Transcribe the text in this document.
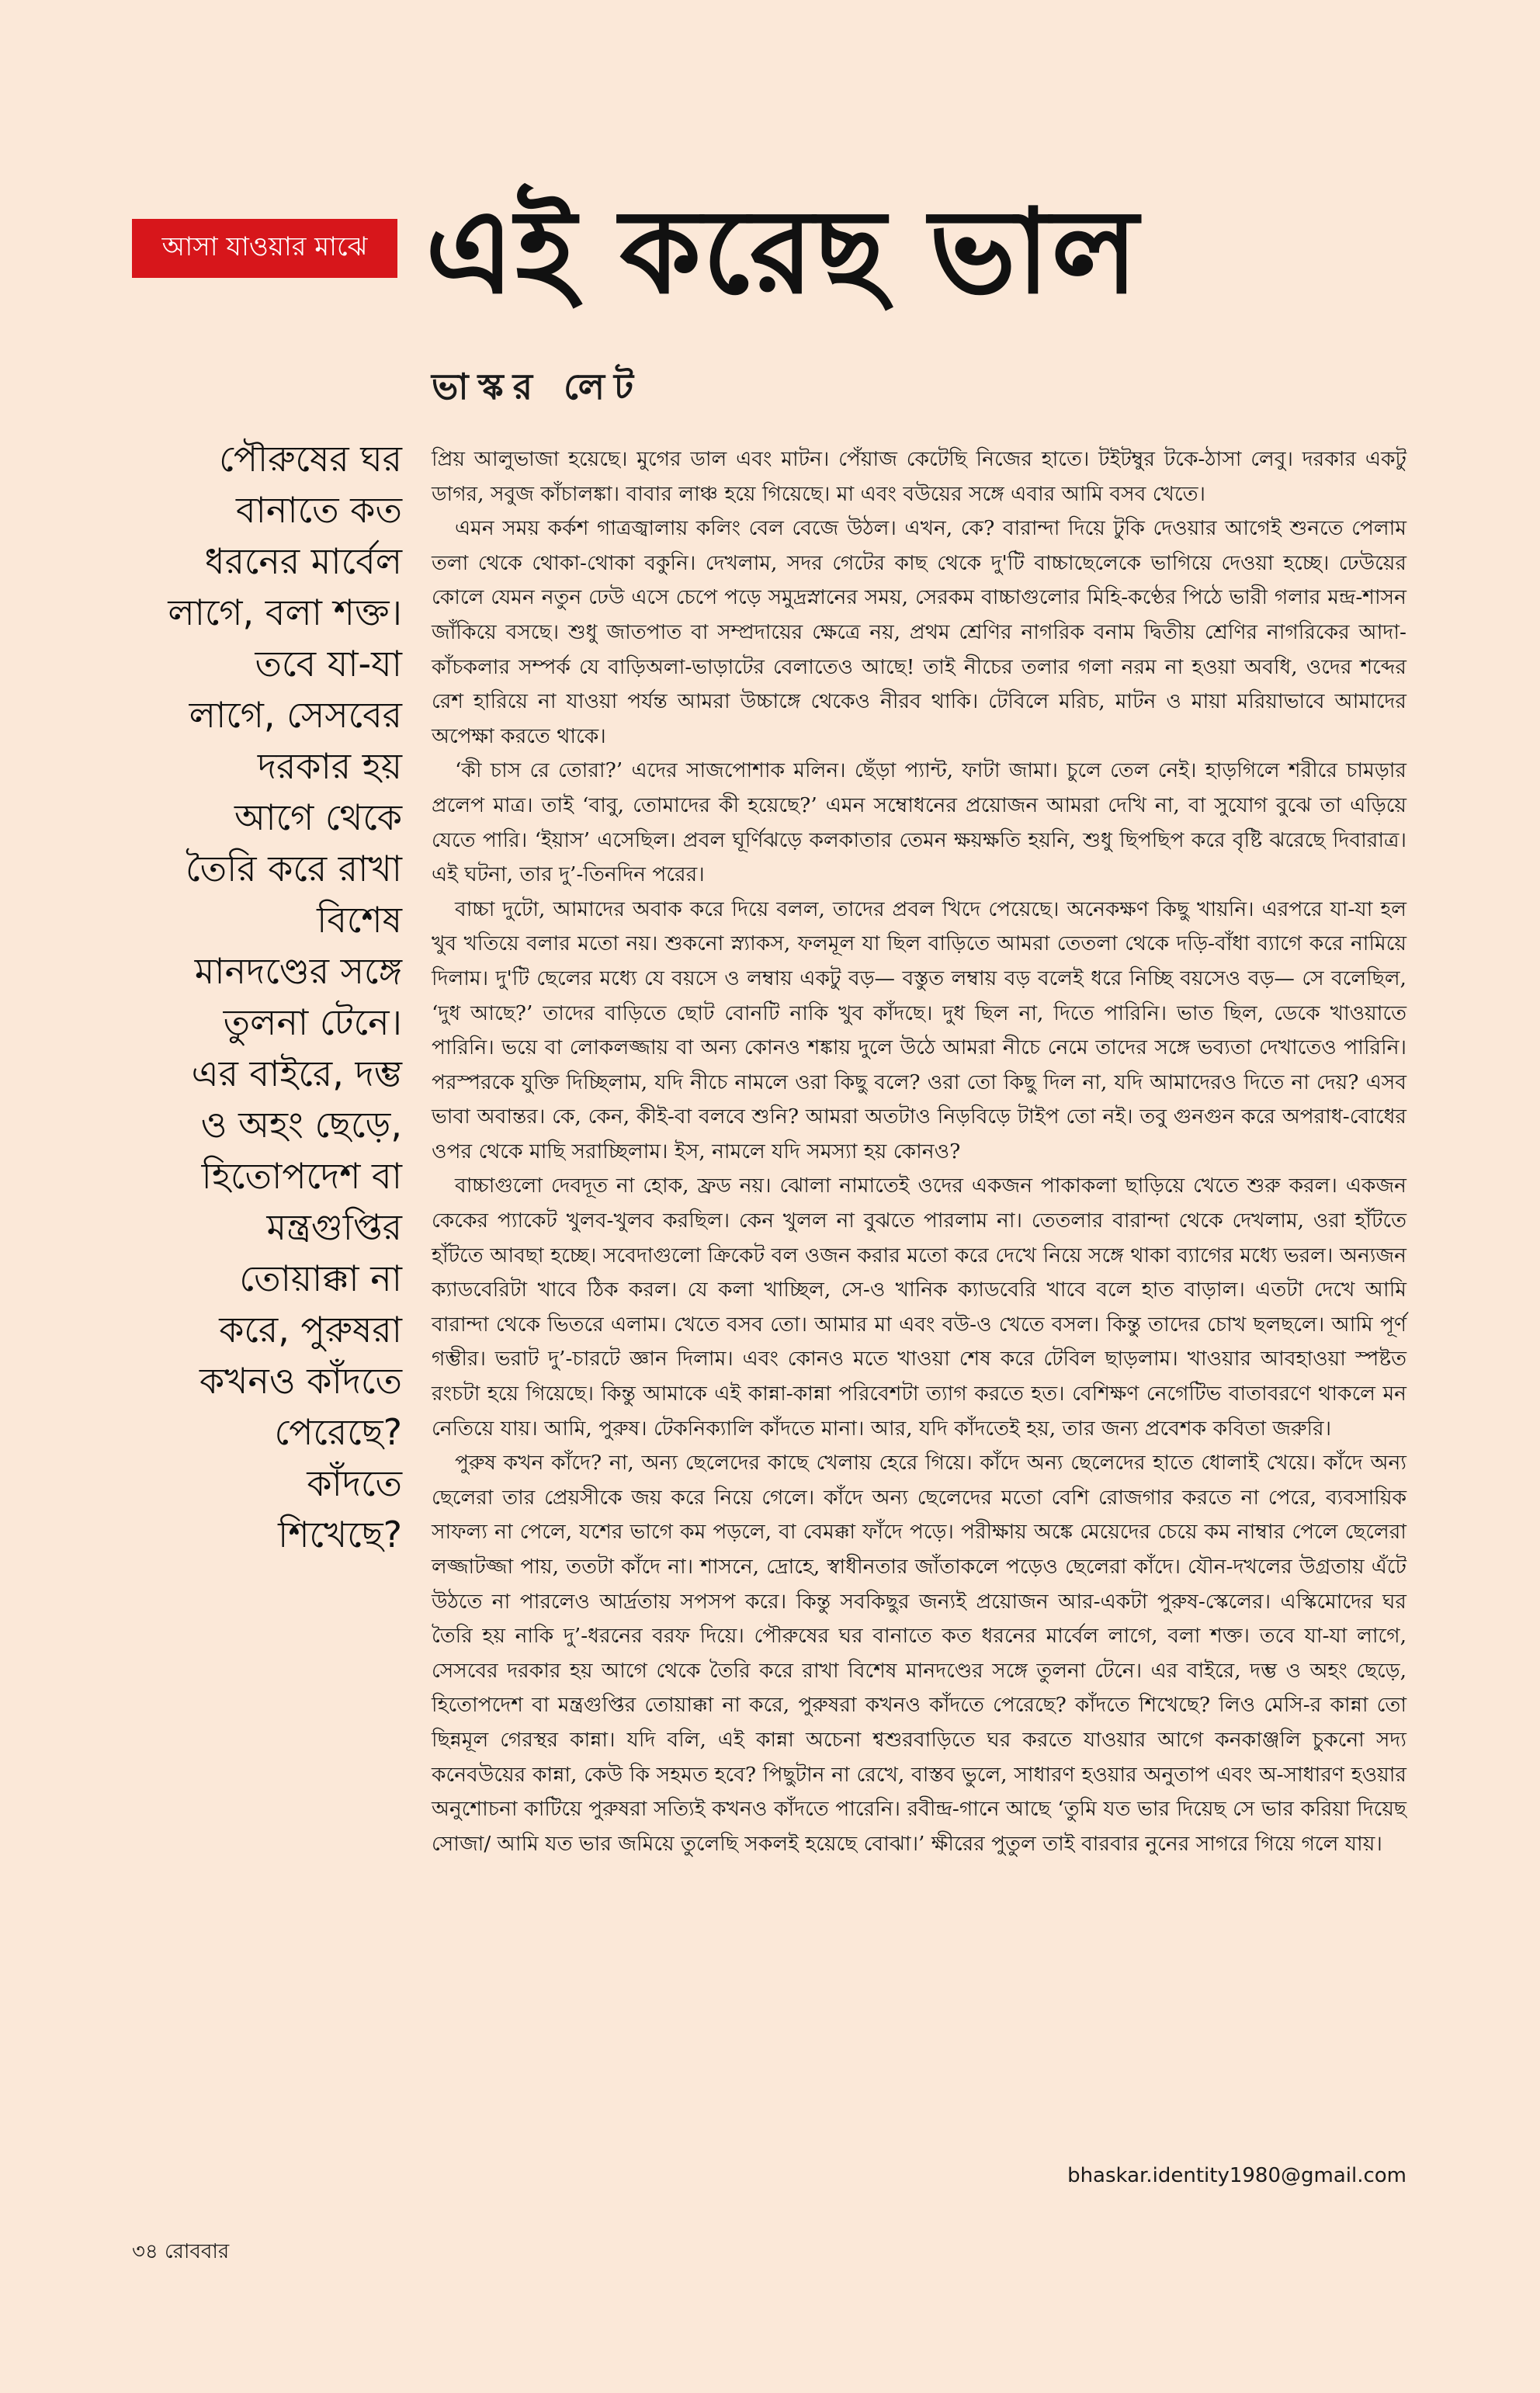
আসা যাওয়ার মাঝে এই করেছ ভাল
ভাস্কর লেট
পৌরুষের ঘর
বানাতে কত
ধরনের মার্বেল
লাগে, বলা শক্ত।
তবে যা-যা
লাগে, সেসবের
দরকার হয়
আগে থেকে
তৈরি করে রাখা
বিশেষ
মানদণ্ডের সঙ্গে
তুলনা টেনে।
এর বাইরে, দম্ভ
ও অহং ছেড়ে,
হিতোপদেশ বা
মন্ত্রগুপ্তির
তোয়াক্কা না
করে, পুরুষরা
কখনও কাঁদতে
পেরেছে?
কাঁদতে
শিখেছে?

প্রিয় আলুভাজা হয়েছে। মুগের ডাল এবং মাটন। পেঁয়াজ কেটেছি নিজের হাতে। টইটম্বুর টকে-ঠাসা লেবু। দরকার একটু ডাগর, সবুজ কাঁচালঙ্কা। বাবার লাঞ্চ হয়ে গিয়েছে। মা এবং বউয়ের সঙ্গে এবার আমি বসব খেতে।

এমন সময় কর্কশ গাত্রজ্বালায় কলিং বেল বেজে উঠল। এখন, কে? বারান্দা দিয়ে টুকি দেওয়ার আগেই শুনতে পেলাম তলা থেকে থোকা-থোকা বকুনি। দেখলাম, সদর গেটের কাছ থেকে দু'টি বাচ্চাছেলেকে ভাগিয়ে দেওয়া হচ্ছে। ঢেউয়ের কোলে যেমন নতুন ঢেউ এসে চেপে পড়ে সমুদ্রস্নানের সময়, সেরকম বাচ্চাগুলোর মিহি-কণ্ঠের পিঠে ভারী গলার মন্দ্র-শাসন জাঁকিয়ে বসছে। শুধু জাতপাত বা সম্প্রদায়ের ক্ষেত্রে নয়, প্রথম শ্রেণির নাগরিক বনাম দ্বিতীয় শ্রেণির নাগরিকের আদা-কাঁচকলার সম্পর্ক যে বাড়িঅলা-ভাড়াটের বেলাতেও আছে! তাই নীচের তলার গলা নরম না হওয়া অবধি, ওদের শব্দের রেশ হারিয়ে না যাওয়া পর্যন্ত আমরা উচ্চাঙ্গে থেকেও নীরব থাকি। টেবিলে মরিচ, মাটন ও মায়া মরিয়াভাবে আমাদের অপেক্ষা করতে থাকে।

‘কী চাস রে তোরা?’ এদের সাজপোশাক মলিন। ছেঁড়া প্যান্ট, ফাটা জামা। চুলে তেল নেই। হাড়গিলে শরীরে চামড়ার প্রলেপ মাত্র। তাই ‘বাবু, তোমাদের কী হয়েছে?’ এমন সম্বোধনের প্রয়োজন আমরা দেখি না, বা সুযোগ বুঝে তা এড়িয়ে যেতে পারি। ‘ইয়াস’ এসেছিল। প্রবল ঘূর্ণিঝড়ে কলকাতার তেমন ক্ষয়ক্ষতি হয়নি, শুধু ছিপছিপ করে বৃষ্টি ঝরেছে দিবারাত্র। এই ঘটনা, তার দু’-তিনদিন পরের।

বাচ্চা দুটো, আমাদের অবাক করে দিয়ে বলল, তাদের প্রবল খিদে পেয়েছে। অনেকক্ষণ কিছু খায়নি। এরপরে যা-যা হল খুব খতিয়ে বলার মতো নয়। শুকনো স্ন্যাকস, ফলমূল যা ছিল বাড়িতে আমরা তেতলা থেকে দড়ি-বাঁধা ব্যাগে করে নামিয়ে দিলাম। দু'টি ছেলের মধ্যে যে বয়সে ও লম্বায় একটু বড়— বস্তুত লম্বায় বড় বলেই ধরে নিচ্ছি বয়সেও বড়— সে বলেছিল, ‘দুধ আছে?’ তাদের বাড়িতে ছোট বোনটি নাকি খুব কাঁদছে। দুধ ছিল না, দিতে পারিনি। ভাত ছিল, ডেকে খাওয়াতে পারিনি। ভয়ে বা লোকলজ্জায় বা অন্য কোনও শঙ্কায় দুলে উঠে আমরা নীচে নেমে তাদের সঙ্গে ভব্যতা দেখাতেও পারিনি। পরস্পরকে যুক্তি দিচ্ছিলাম, যদি নীচে নামলে ওরা কিছু বলে? ওরা তো কিছু দিল না, যদি আমাদেরও দিতে না দেয়? এসব ভাবা অবান্তর। কে, কেন, কীই-বা বলবে শুনি? আমরা অতটাও নিড়বিড়ে টাইপ তো নই। তবু গুনগুন করে অপরাধ-বোধের ওপর থেকে মাছি সরাচ্ছিলাম। ইস, নামলে যদি সমস্যা হয় কোনও?

বাচ্চাগুলো দেবদূত না হোক, ফ্রড নয়। ঝোলা নামাতেই ওদের একজন পাকাকলা ছাড়িয়ে খেতে শুরু করল। একজন কেকের প্যাকেট খুলব-খুলব করছিল। কেন খুলল না বুঝতে পারলাম না। তেতলার বারান্দা থেকে দেখলাম, ওরা হাঁটতে হাঁটতে আবছা হচ্ছে। সবেদাগুলো ক্রিকেট বল ওজন করার মতো করে দেখে নিয়ে সঙ্গে থাকা ব্যাগের মধ্যে ভরল। অন্যজন ক্যাডবেরিটা খাবে ঠিক করল। যে কলা খাচ্ছিল, সে-ও খানিক ক্যাডবেরি খাবে বলে হাত বাড়াল। এতটা দেখে আমি বারান্দা থেকে ভিতরে এলাম। খেতে বসব তো। আমার মা এবং বউ-ও খেতে বসল। কিন্তু তাদের চোখ ছলছলে। আমি পূর্ণ গম্ভীর। ভরাট দু’-চারটে জ্ঞান দিলাম। এবং কোনও মতে খাওয়া শেষ করে টেবিল ছাড়লাম। খাওয়ার আবহাওয়া স্পষ্টত রংচটা হয়ে গিয়েছে। কিন্তু আমাকে এই কান্না-কান্না পরিবেশটা ত্যাগ করতে হত। বেশিক্ষণ নেগেটিভ বাতাবরণে থাকলে মন নেতিয়ে যায়। আমি, পুরুষ। টেকনিক্যালি কাঁদতে মানা। আর, যদি কাঁদতেই হয়, তার জন্য প্রবেশক কবিতা জরুরি।

পুরুষ কখন কাঁদে? না, অন্য ছেলেদের কাছে খেলায় হেরে গিয়ে। কাঁদে অন্য ছেলেদের হাতে ধোলাই খেয়ে। কাঁদে অন্য ছেলেরা তার প্রেয়সীকে জয় করে নিয়ে গেলে। কাঁদে অন্য ছেলেদের মতো বেশি রোজগার করতে না পেরে, ব্যবসায়িক সাফল্য না পেলে, যশের ভাগে কম পড়লে, বা বেমক্কা ফাঁদে পড়ে। পরীক্ষায় অঙ্কে মেয়েদের চেয়ে কম নাম্বার পেলে ছেলেরা লজ্জাটজ্জা পায়, ততটা কাঁদে না। শাসনে, দ্রোহে, স্বাধীনতার জাঁতাকলে পড়েও ছেলেরা কাঁদে। যৌন-দখলের উগ্রতায় এঁটে উঠতে না পারলেও আর্দ্রতায় সপসপ করে। কিন্তু সবকিছুর জন্যই প্রয়োজন আর-একটা পুরুষ-স্কেলের। এস্কিমোদের ঘর তৈরি হয় নাকি দু’-ধরনের বরফ দিয়ে। পৌরুষের ঘর বানাতে কত ধরনের মার্বেল লাগে, বলা শক্ত। তবে যা-যা লাগে, সেসবের দরকার হয় আগে থেকে তৈরি করে রাখা বিশেষ মানদণ্ডের সঙ্গে তুলনা টেনে। এর বাইরে, দম্ভ ও অহং ছেড়ে, হিতোপদেশ বা মন্ত্রগুপ্তির তোয়াক্কা না করে, পুরুষরা কখনও কাঁদতে পেরেছে? কাঁদতে শিখেছে? লিও মেসি-র কান্না তো ছিন্নমূল গেরস্থর কান্না। যদি বলি, এই কান্না অচেনা শ্বশুরবাড়িতে ঘর করতে যাওয়ার আগে কনকাঞ্জলি চুকনো সদ্য কনেবউয়ের কান্না, কেউ কি সহমত হবে? পিছুটান না রেখে, বাস্তব ভুলে, সাধারণ হওয়ার অনুতাপ এবং অ-সাধারণ হওয়ার অনুশোচনা কাটিয়ে পুরুষরা সত্যিই কখনও কাঁদতে পারেনি। রবীন্দ্র-গানে আছে ‘তুমি যত ভার দিয়েছ সে ভার করিয়া দিয়েছ সোজা/ আমি যত ভার জমিয়ে তুলেছি সকলই হয়েছে বোঝা।’ ক্ষীরের পুতুল তাই বারবার নুনের সাগরে গিয়ে গলে যায়।

bhaskar.identity1980@gmail.com
৩৪ রোববার
